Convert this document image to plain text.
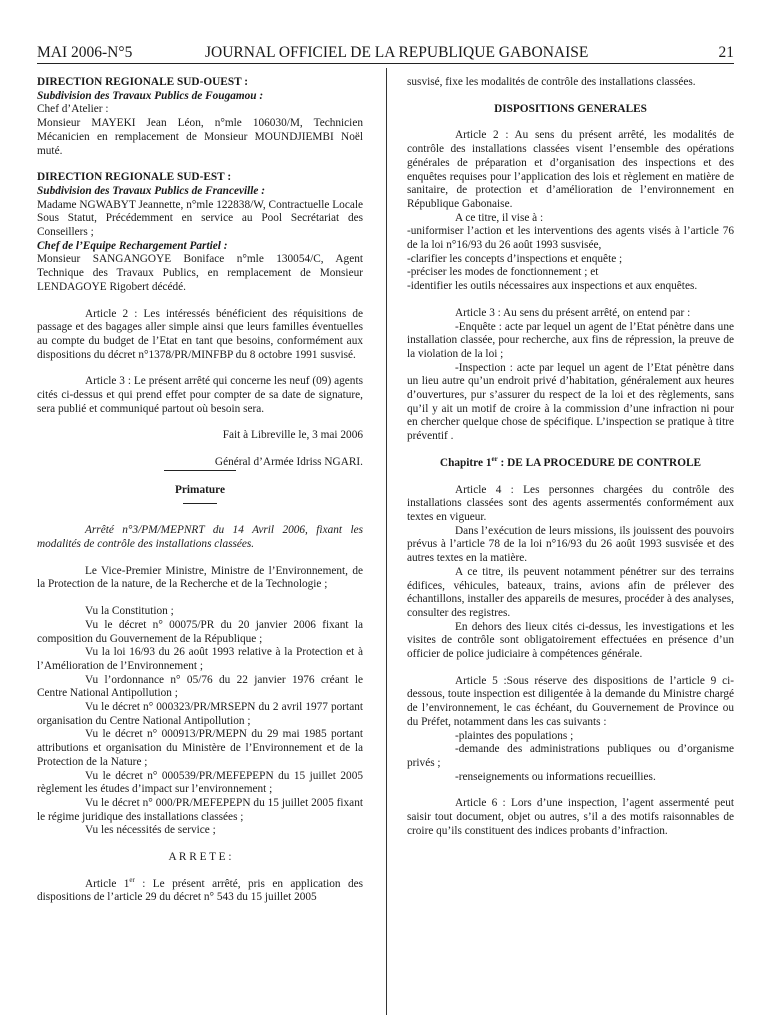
MAI 2006-N°5	JOURNAL OFFICIEL DE LA REPUBLIQUE GABONAISE	21

DIRECTION REGIONALE SUD-OUEST :

Subdivision des Travaux Publics de Fougamou :

Chef d’Atelier :

Monsieur MAYEKI Jean Léon, n°mle 106030/M, Technicien Mécanicien en remplacement de Monsieur MOUNDJIEMBI Noël muté.

DIRECTION REGIONALE SUD-EST :

Subdivision des Travaux Publics de Franceville :

Madame NGWABYT Jeannette, n°mle 122838/W, Contractuelle Locale Sous Statut, Précédemment en service au Pool Secrétariat des Conseillers ;

Chef de l’Equipe Rechargement Partiel :

Monsieur SANGANGOYE Boniface n°mle 130054/C, Agent Technique des Travaux Publics, en remplacement de Monsieur LENDAGOYE Rigobert décédé.

Article 2 : Les intéressés bénéficient des réquisitions de passage et des bagages aller simple ainsi que leurs familles éventuelles au compte du budget de l’Etat en tant que besoins, conformément aux dispositions du décret n°1378/PR/MINFBP du 8 octobre 1991 susvisé.

Article 3 : Le présent arrêté qui concerne les neuf (09) agents cités ci-dessus et qui prend effet pour compter de sa date de signature, sera publié et communiqué partout où besoin sera.

Fait à Libreville le, 3 mai 2006

Général d’Armée Idriss NGARI.

Primature

Arrêté n°3/PM/MEPNRT du 14 Avril 2006, fixant les modalités de contrôle des installations classées.

Le Vice-Premier Ministre, Ministre de l’Environnement, de la Protection de la nature, de la Recherche et de la Technologie ;

Vu la Constitution ;

Vu le décret n° 00075/PR du 20 janvier 2006 fixant la composition du Gouvernement de la République ;

Vu la loi 16/93 du 26 août 1993 relative à la Protection et à l’Amélioration de l’Environnement ;

Vu l’ordonnance n° 05/76 du 22 janvier 1976 créant le Centre National Antipollution ;

Vu le décret n° 000323/PR/MRSEPN du 2 avril 1977 portant organisation du Centre National Antipollution ;

Vu le décret n° 000913/PR/MEPN du 29 mai 1985 portant attributions et organisation du Ministère de l’Environnement et de la Protection de la Nature ;

Vu le décret n° 000539/PR/MEFEPEPN du 15 juillet 2005 règlement les études d’impact sur l’environnement ;

Vu le décret n° 000/PR/MEFEPEPN du 15 juillet 2005 fixant le régime juridique des installations classées ;

Vu les nécessités de service ;

A R R E T E :

Article 1er : Le présent arrêté, pris en application des dispositions de l’article 29 du décret n° 543 du 15 juillet 2005

susvisé, fixe les modalités de contrôle des installations classées.

DISPOSITIONS GENERALES

Article 2 : Au sens du présent arrêté, les modalités de contrôle des installations classées visent l’ensemble des opérations générales de préparation et d’organisation des inspections et des enquêtes requises pour l’application des lois et règlement en matière de sanitaire, de protection et d’amélioration de l’environnement en République Gabonaise.

A ce titre, il vise à :

-uniformiser l’action et les interventions des agents visés à l’article 76 de la loi n°16/93 du 26 août 1993 susvisée,

-clarifier les concepts d’inspections et enquête ;

-préciser les modes de fonctionnement ; et

-identifier les outils nécessaires aux inspections et aux enquêtes.

Article 3 : Au sens du présent arrêté, on entend par :

-Enquête : acte par lequel un agent de l’Etat pénètre dans une installation classée, pour recherche, aux fins de répression, la preuve de la violation de la loi ;

-Inspection : acte par lequel un agent de l’Etat pénètre dans un lieu autre qu’un endroit privé d’habitation, généralement aux heures d’ouvertures, pur s’assurer du respect de la loi et des règlements, sans qu’il y ait un motif de croire à la commission d’une infraction ni pour en chercher quelque chose de spécifique. L’inspection se pratique à titre préventif .

Chapitre 1er : DE LA PROCEDURE DE CONTROLE

Article 4 : Les personnes chargées du contrôle des installations classées sont des agents assermentés conformément aux textes en vigueur.

Dans l’exécution de leurs missions, ils jouissent des pouvoirs prévus à l’article 78 de la loi n°16/93 du 26 août 1993 susvisée et des autres textes en la matière.

A ce titre, ils peuvent notamment pénétrer sur des terrains édifices, véhicules, bateaux, trains, avions afin de prélever des échantillons, installer des appareils de mesures, procéder à des analyses, consulter des registres.

En dehors des lieux cités ci-dessus, les investigations et les visites de contrôle sont obligatoirement effectuées en présence d’un officier de police judiciaire à compétences générale.

Article 5 :Sous réserve des dispositions de l’article 9 ci-dessous, toute inspection est diligentée à la demande du Ministre chargé de l’environnement, le cas échéant, du Gouvernement de Province ou du Préfet, notamment dans les cas suivants :

-plaintes des populations ;

-demande des administrations publiques ou d’organisme privés ;

-renseignements ou informations recueillies.

Article 6 : Lors d’une inspection, l’agent assermenté peut saisir tout document, objet ou autres, s’il a des motifs raisonnables de croire qu’ils constituent des indices probants d’infraction.
